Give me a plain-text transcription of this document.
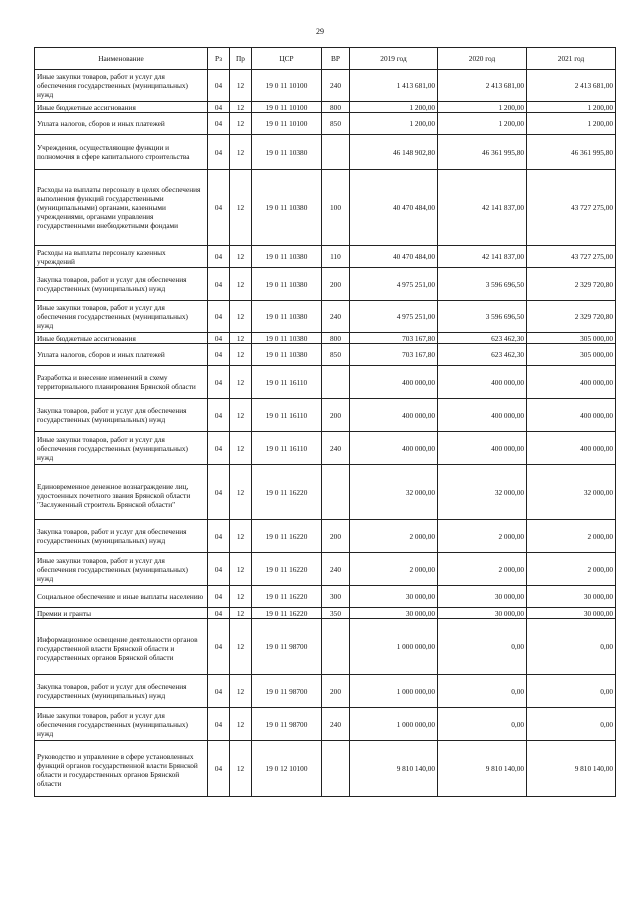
29
Наименование	Рз	Пр	ЦСР	ВР	2019 год	2020 год	2021 год
Иные закупки товаров, работ и услуг для обеспечения государственных (муниципальных) нужд	04	12	19 0 11 10100	240	1 413 681,00	2 413 681,00	2 413 681,00
Иные бюджетные ассигнования	04	12	19 0 11 10100	800	1 200,00	1 200,00	1 200,00
Уплата налогов, сборов и иных платежей	04	12	19 0 11 10100	850	1 200,00	1 200,00	1 200,00
Учреждения, осуществляющие функции и полномочия в сфере капитального строительства	04	12	19 0 11 10380		46 148 902,80	46 361 995,80	46 361 995,80
Расходы на выплаты персоналу в целях обеспечения выполнения функций государственными (муниципальными) органами, казенными учреждениями, органами управления государственными внебюджетными фондами	04	12	19 0 11 10380	100	40 470 484,00	42 141 837,00	43 727 275,00
Расходы на выплаты персоналу казенных учреждений	04	12	19 0 11 10380	110	40 470 484,00	42 141 837,00	43 727 275,00
Закупка товаров, работ и услуг для обеспечения государственных (муниципальных) нужд	04	12	19 0 11 10380	200	4 975 251,00	3 596 696,50	2 329 720,80
Иные закупки товаров, работ и услуг для обеспечения государственных (муниципальных) нужд	04	12	19 0 11 10380	240	4 975 251,00	3 596 696,50	2 329 720,80
Иные бюджетные ассигнования	04	12	19 0 11 10380	800	703 167,80	623 462,30	305 000,00
Уплата налогов, сборов и иных платежей	04	12	19 0 11 10380	850	703 167,80	623 462,30	305 000,00
Разработка и внесение изменений в схему территориального планирования Брянской области	04	12	19 0 11 16110		400 000,00	400 000,00	400 000,00
Закупка товаров, работ и услуг для обеспечения государственных (муниципальных) нужд	04	12	19 0 11 16110	200	400 000,00	400 000,00	400 000,00
Иные закупки товаров, работ и услуг для обеспечения государственных (муниципальных) нужд	04	12	19 0 11 16110	240	400 000,00	400 000,00	400 000,00
Единовременное денежное вознаграждение лиц, удостоенных почетного звания Брянской области "Заслуженный строитель Брянской области"	04	12	19 0 11 16220		32 000,00	32 000,00	32 000,00
Закупка товаров, работ и услуг для обеспечения государственных (муниципальных) нужд	04	12	19 0 11 16220	200	2 000,00	2 000,00	2 000,00
Иные закупки товаров, работ и услуг для обеспечения государственных (муниципальных) нужд	04	12	19 0 11 16220	240	2 000,00	2 000,00	2 000,00
Социальное обеспечение и иные выплаты населению	04	12	19 0 11 16220	300	30 000,00	30 000,00	30 000,00
Премии и гранты	04	12	19 0 11 16220	350	30 000,00	30 000,00	30 000,00
Информационное освещение деятельности органов государственной власти Брянской области и государственных органов Брянской области	04	12	19 0 11 98700		1 000 000,00	0,00	0,00
Закупка товаров, работ и услуг для обеспечения государственных (муниципальных) нужд	04	12	19 0 11 98700	200	1 000 000,00	0,00	0,00
Иные закупки товаров, работ и услуг для обеспечения государственных (муниципальных) нужд	04	12	19 0 11 98700	240	1 000 000,00	0,00	0,00
Руководство и управление в сфере установленных функций органов государственной власти Брянской области и государственных органов Брянской области	04	12	19 0 12 10100		9 810 140,00	9 810 140,00	9 810 140,00
